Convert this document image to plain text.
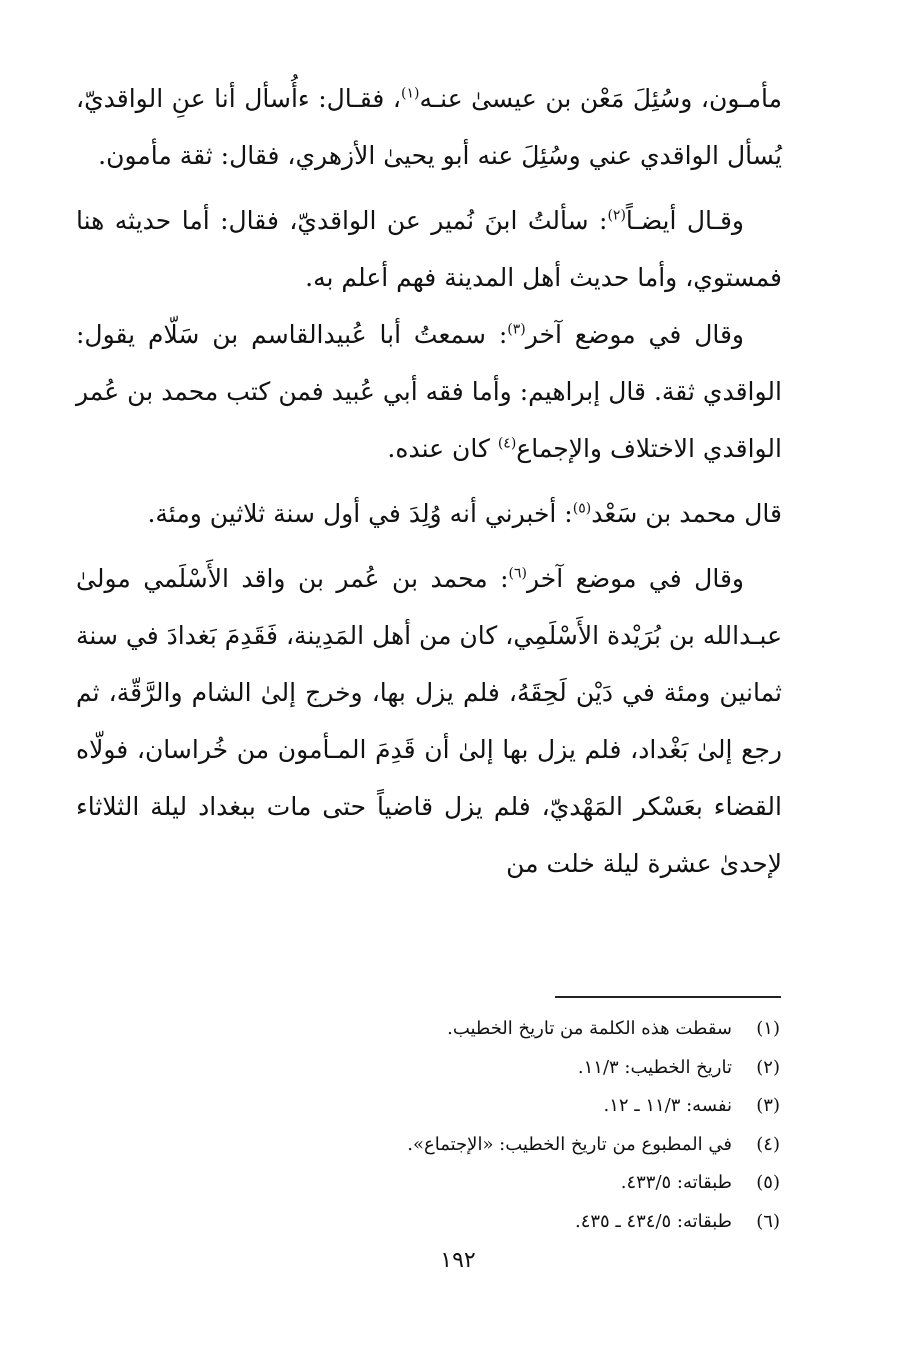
مأمـون، وسُئِلَ مَعْن بن عيسىٰ عنـه$^{(١)}$، فقـال: ءأُسأل أنا عنِ الواقديّ، يُسأل الواقدي عني وسُئِلَ عنه أبو يحيىٰ الأزهري، فقال: ثقة مأمون.

وقـال أيضـاً$^{(٢)}$: سألتُ ابنَ نُمير عن الواقديّ، فقال: أما حديثه هنا فمستوي، وأما حديث أهل المدينة فهم أعلم به.

وقال في موضع آخر$^{(٣)}$: سمعتُ أبا عُبيدالقاسم بن سَلّام يقول: الواقدي ثقة. قال إبراهيم: وأما فقه أبي عُبيد فمن كتب محمد بن عُمر الواقدي الاختلاف والإجماع$^{(٤)}$ كان عنده.

قال محمد بن سَعْد$^{(٥)}$: أخبرني أنه وُلِدَ في أول سنة ثلاثين ومئة.

وقال في موضع آخر$^{(٦)}$: محمد بن عُمر بن واقد الأَسْلَمي مولىٰ عبـدالله بن بُرَيْدة الأَسْلَمِي، كان من أهل المَدِينة، فَقَدِمَ بَغدادَ في سنة ثمانين ومئة في دَيْن لَحِقَهُ، فلم يزل بها، وخرج إلىٰ الشام والرَّقّة، ثم رجع إلىٰ بَغْداد، فلم يزل بها إلىٰ أن قَدِمَ المـأمون من خُراسان، فولّاه القضاء بعَسْكر المَهْديّ، فلم يزل قاضياً حتى مات ببغداد ليلة الثلاثاء لإحدىٰ عشرة ليلة خلت من

(١)
سقطت هذه الكلمة من تاريخ الخطيب.
(٢)
تاريخ الخطيب: ١١/٣.
(٣)
نفسه: ١١/٣ ـ ١٢.
(٤)
في المطبوع من تاريخ الخطيب: «الإجتماع».
(٥)
طبقاته: ٤٣٣/٥.
(٦)
طبقاته: ٤٣٤/٥ ـ ٤٣٥.
١٩٢
